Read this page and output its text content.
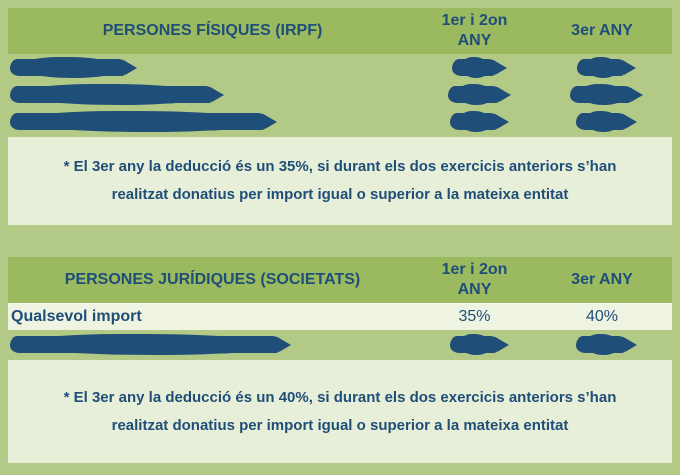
PERSONES FÍSIQUES (IRPF)
1er i 2on
ANY
3er ANY
* El 3er any la deducció és un 35%, si durant els dos exercicis anteriors s’han realitzat donatius per import igual o superior a la mateixa entitat
PERSONES JURÍDIQUES (SOCIETATS)
1er i 2on
ANY
3er ANY
Qualsevol import	35%	40%
* El 3er any la deducció és un 40%, si durant els dos exercicis anteriors s’han realitzat donatius per import igual o superior a la mateixa entitat
